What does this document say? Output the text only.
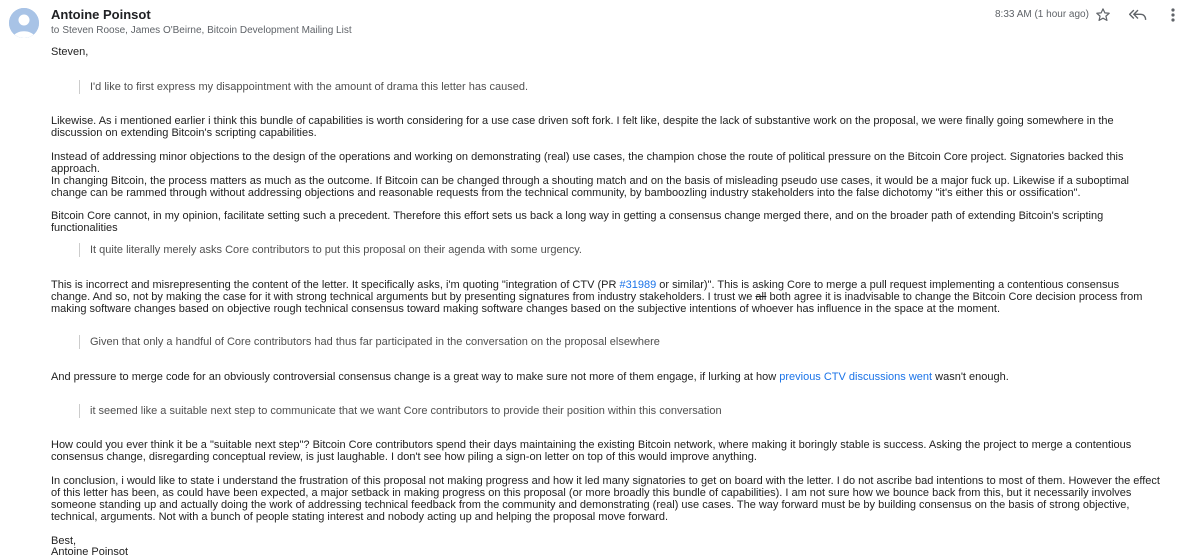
Antoine Poinsot
to Steven Roose, James O'Beirne, Bitcoin Development Mailing List
8:33 AM (1 hour ago)

Steven,

I'd like to first express my disappointment with the amount of drama this letter has caused.

Likewise. As i mentioned earlier i think this bundle of capabilities is worth considering for a use case driven soft fork. I felt like, despite the lack of substantive work on the proposal, we were finally going somewhere in the discussion on extending Bitcoin's scripting capabilities.

Instead of addressing minor objections to the design of the operations and working on demonstrating (real) use cases, the champion chose the route of political pressure on the Bitcoin Core project. Signatories backed this approach.

In changing Bitcoin, the process matters as much as the outcome. If Bitcoin can be changed through a shouting match and on the basis of misleading pseudo use cases, it would be a major fuck up. Likewise if a suboptimal change can be rammed through without addressing objections and reasonable requests from the technical community, by bamboozling industry stakeholders into the false dichotomy "it's either this or ossification".

Bitcoin Core cannot, in my opinion, facilitate setting such a precedent. Therefore this effort sets us back a long way in getting a consensus change merged there, and on the broader path of extending Bitcoin's scripting functionalities

It quite literally merely asks Core contributors to put this proposal on their agenda with some urgency.

This is incorrect and misrepresenting the content of the letter. It specifically asks, i'm quoting "integration of CTV (PR #31989 or similar)". This is asking Core to merge a pull request implementing a contentious consensus change. And so, not by making the case for it with strong technical arguments but by presenting signatures from industry stakeholders. I trust we all both agree it is inadvisable to change the Bitcoin Core decision process from making software changes based on objective rough technical consensus toward making software changes based on the subjective intentions of whoever has influence in the space at the moment.

Given that only a handful of Core contributors had thus far participated in the conversation on the proposal elsewhere

And pressure to merge code for an obviously controversial consensus change is a great way to make sure not more of them engage, if lurking at how previous CTV discussions went wasn't enough.

it seemed like a suitable next step to communicate that we want Core contributors to provide their position within this conversation

How could you ever think it be a "suitable next step"? Bitcoin Core contributors spend their days maintaining the existing Bitcoin network, where making it boringly stable is success. Asking the project to merge a contentious consensus change, disregarding conceptual review, is just laughable. I don't see how piling a sign-on letter on top of this would improve anything.

In conclusion, i would like to state i understand the frustration of this proposal not making progress and how it led many signatories to get on board with the letter. I do not ascribe bad intentions to most of them. However the effect of this letter has been, as could have been expected, a major setback in making progress on this proposal (or more broadly this bundle of capabilities). I am not sure how we bounce back from this, but it necessarily involves someone standing up and actually doing the work of addressing technical feedback from the community and demonstrating (real) use cases. The way forward must be by building consensus on the basis of strong objective, technical, arguments. Not with a bunch of people stating interest and nobody acting up and helping the proposal move forward.

Best,

Antoine Poinsot
